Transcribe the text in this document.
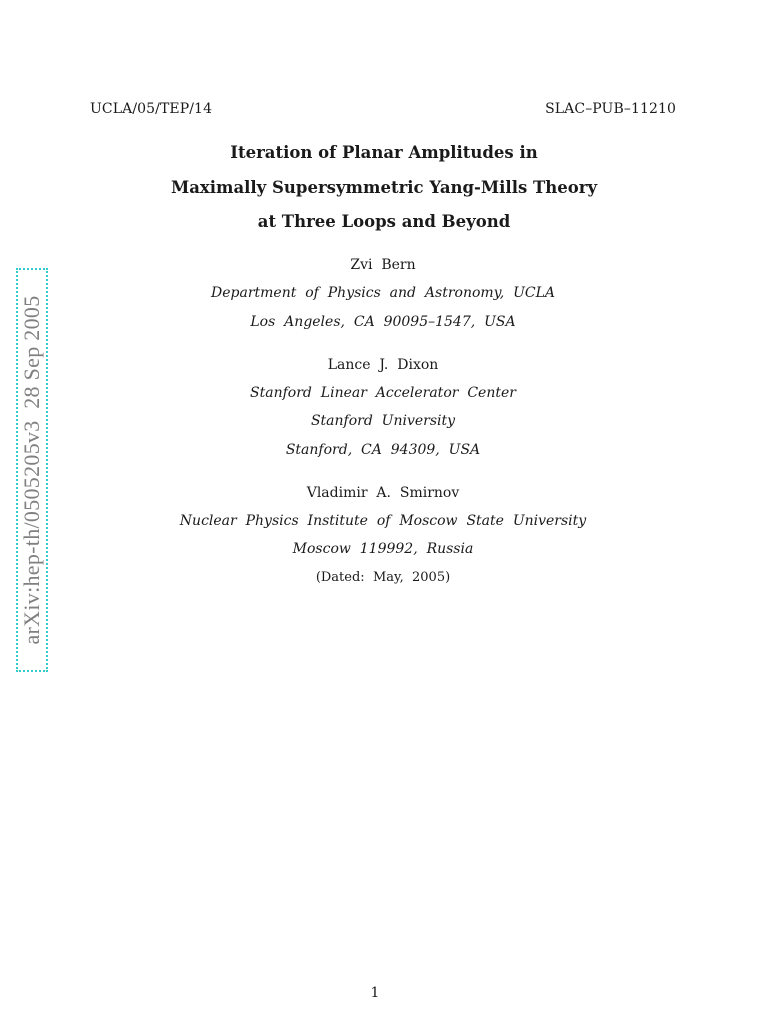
UCLA/05/TEP/14	SLAC–PUB–11210
Iteration of Planar Amplitudes in
Maximally Supersymmetric Yang-Mills Theory
at Three Loops and Beyond
Zvi  Bern
Department  of  Physics  and  Astronomy,  UCLA
Los  Angeles,  CA  90095–1547,  USA
Lance  J.  Dixon
Stanford  Linear  Accelerator  Center
Stanford  University
Stanford,  CA  94309,  USA
Vladimir  A.  Smirnov
Nuclear  Physics  Institute  of  Moscow  State  University
Moscow  119992,  Russia
(Dated:  May,  2005)
arXiv:hep-th/0505205v3  28 Sep 2005
1
